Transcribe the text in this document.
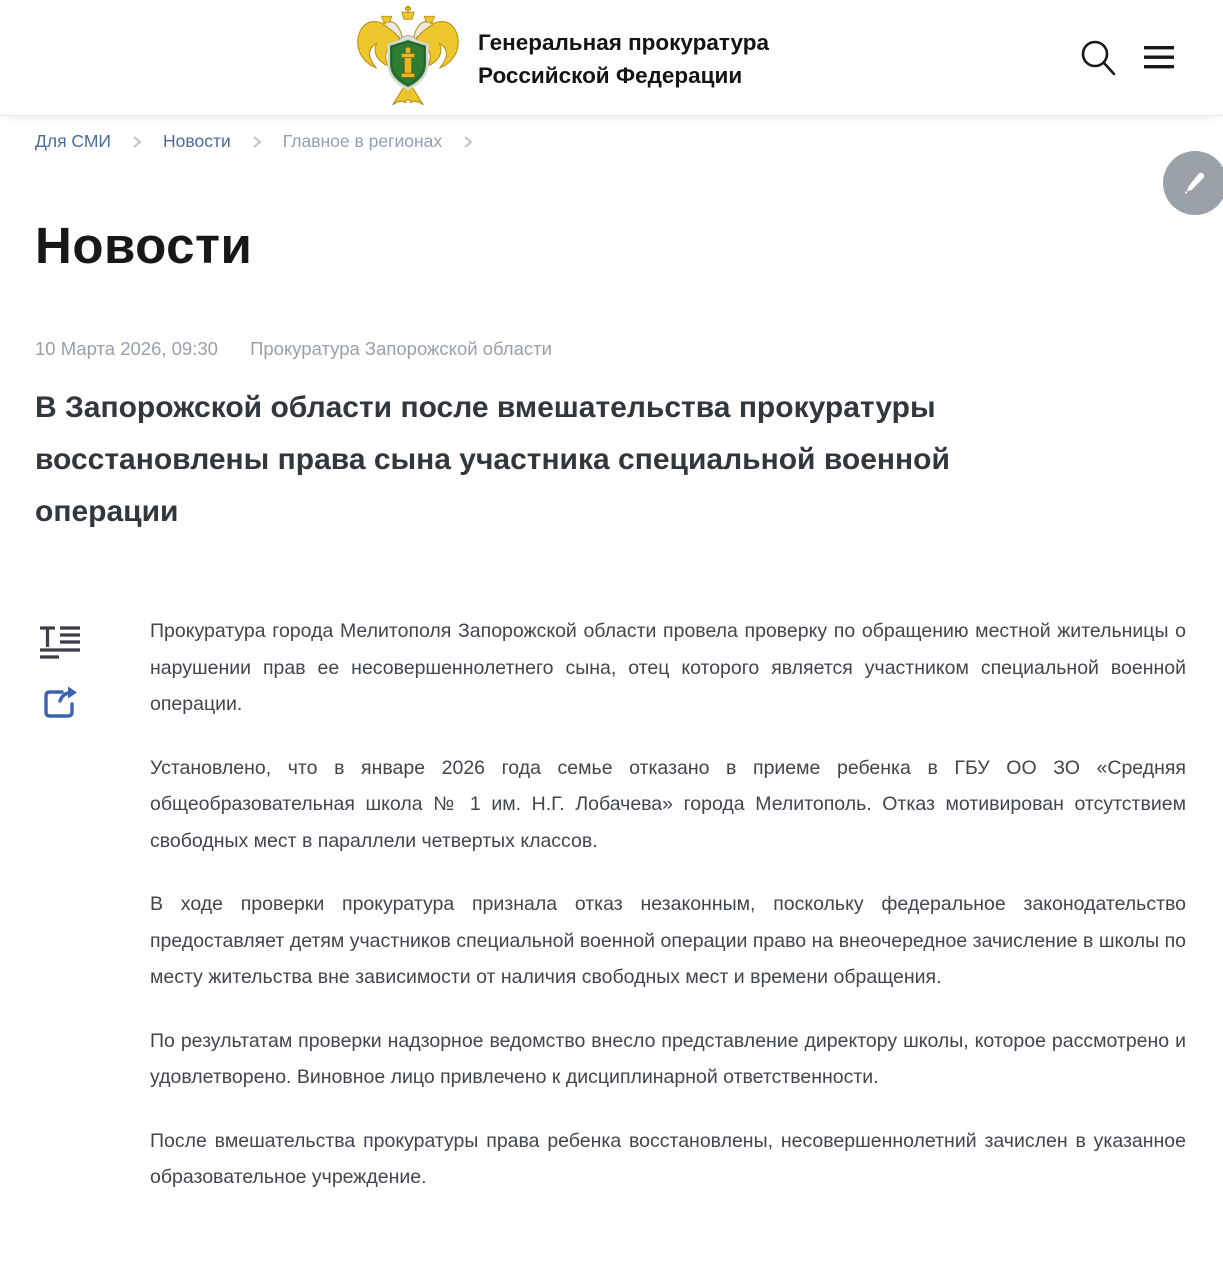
Генеральная прокуратура
Российской Федерации
Для СМИ	Новости	Главное в регионах
Новости
10 Марта 2026, 09:30 Прокуратура Запорожской области
В Запорожской области после вмешательства прокуратуры восстановлены права сына участника специальной военной операции

Прокуратура города Мелитополя Запорожской области провела проверку по обращению местной жительницы о нарушении прав ее несовершеннолетнего сына, отец которого является участником специальной военной операции.

Установлено, что в январе 2026 года семье отказано в приеме ребенка в ГБУ ОО ЗО «Средняя общеобразовательная школа № 1 им. Н.Г. Лобачева» города Мелитополь. Отказ мотивирован отсутствием свободных мест в параллели четвертых классов.

В ходе проверки прокуратура признала отказ незаконным, поскольку федеральное законодательство предоставляет детям участников специальной военной операции право на внеочередное зачисление в школы по месту жительства вне зависимости от наличия свободных мест и времени обращения.

По результатам проверки надзорное ведомство внесло представление директору школы, которое рассмотрено и удовлетворено. Виновное лицо привлечено к дисциплинарной ответственности.

После вмешательства прокуратуры права ребенка восстановлены, несовершеннолетний зачислен в указанное образовательное учреждение.
